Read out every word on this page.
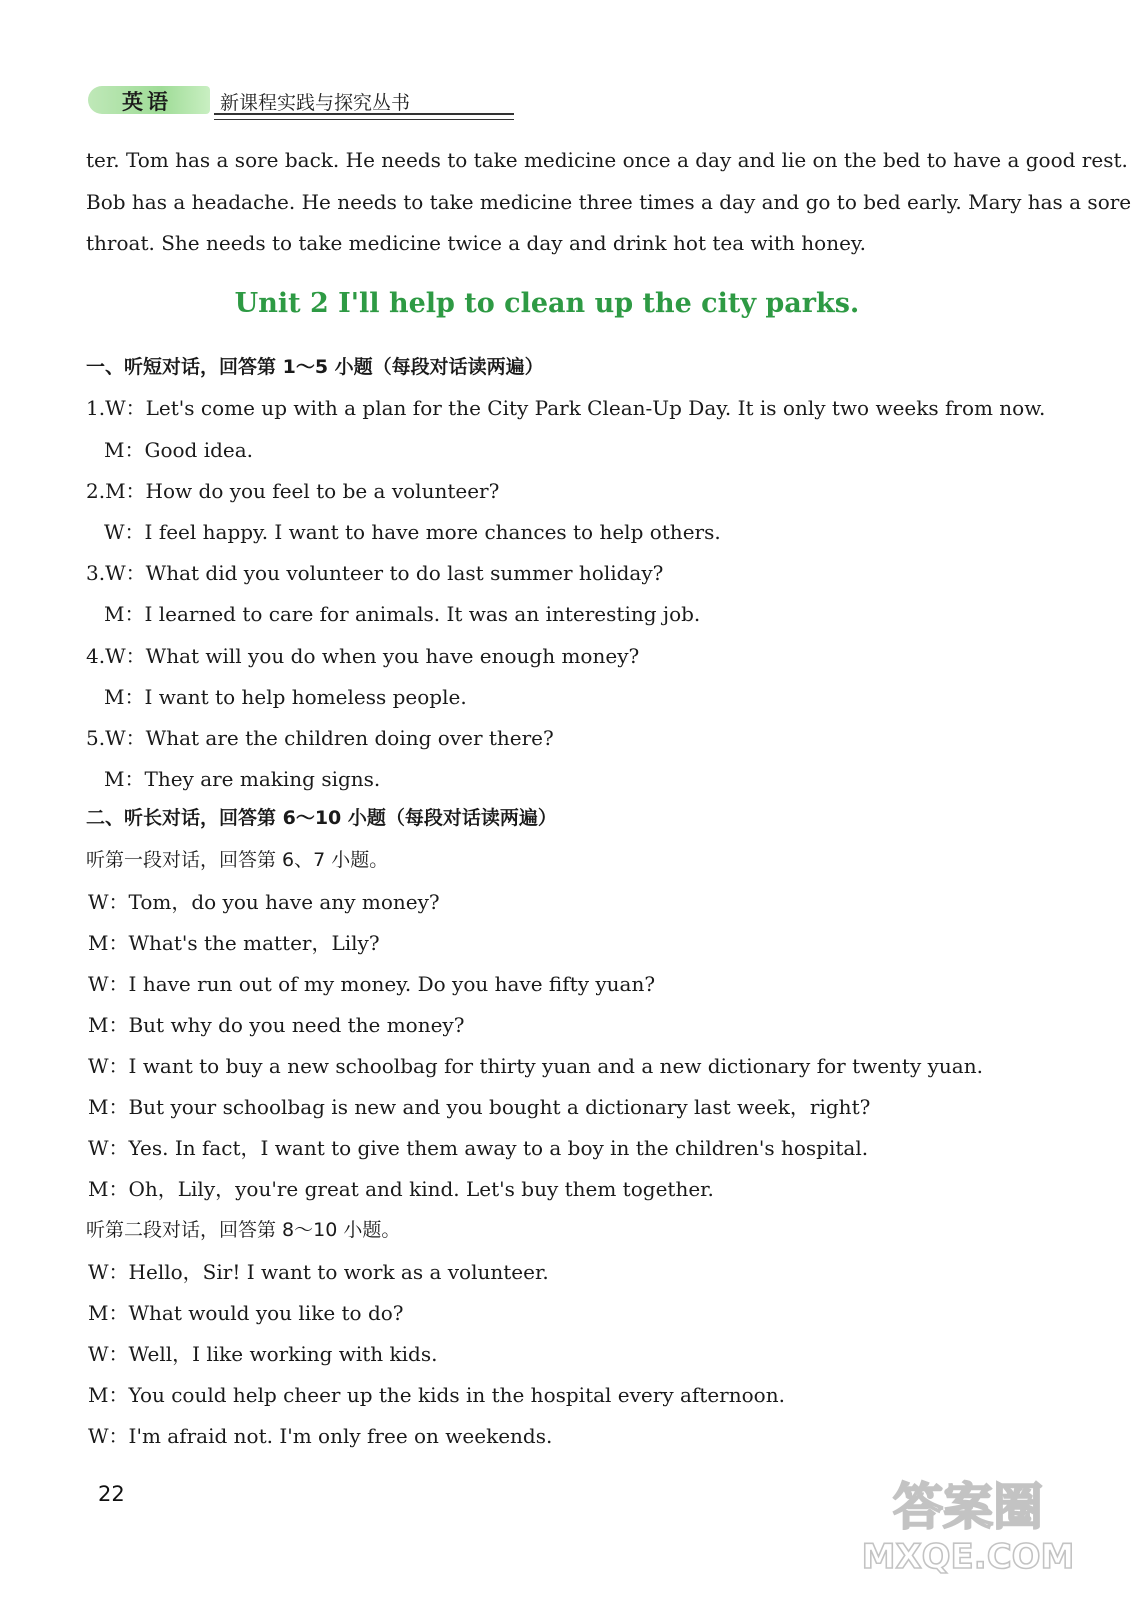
英语	新课程实践与探究丛书
ter. Tom has a sore back. He needs to take medicine once a day and lie on the bed to have a good rest.
Bob has a headache. He needs to take medicine three times a day and go to bed early. Mary has a sore
throat. She needs to take medicine twice a day and drink hot tea with honey.
Unit 2 I'll help to clean up the city parks.
一、听短对话，回答第 1～5 小题（每段对话读两遍）
1.W：Let's come up with a plan for the City Park Clean-Up Day. It is only two weeks from now.
M：Good idea.
2.M：How do you feel to be a volunteer?
W：I feel happy. I want to have more chances to help others.
3.W：What did you volunteer to do last summer holiday?
M：I learned to care for animals. It was an interesting job.
4.W：What will you do when you have enough money?
M：I want to help homeless people.
5.W：What are the children doing over there?
M：They are making signs.
二、听长对话，回答第 6～10 小题（每段对话读两遍）
听第一段对话，回答第 6、7 小题。
W：Tom，do you have any money?
M：What's the matter，Lily?
W：I have run out of my money. Do you have fifty yuan?
M：But why do you need the money?
W：I want to buy a new schoolbag for thirty yuan and a new dictionary for twenty yuan.
M：But your schoolbag is new and you bought a dictionary last week，right?
W：Yes. In fact，I want to give them away to a boy in the children's hospital.
M：Oh，Lily，you're great and kind. Let's buy them together.
听第二段对话，回答第 8～10 小题。
W：Hello，Sir! I want to work as a volunteer.
M：What would you like to do?
W：Well，I like working with kids.
M：You could help cheer up the kids in the hospital every afternoon.
W：I'm afraid not. I'm only free on weekends.
22	答案圈
MXQE.COM
